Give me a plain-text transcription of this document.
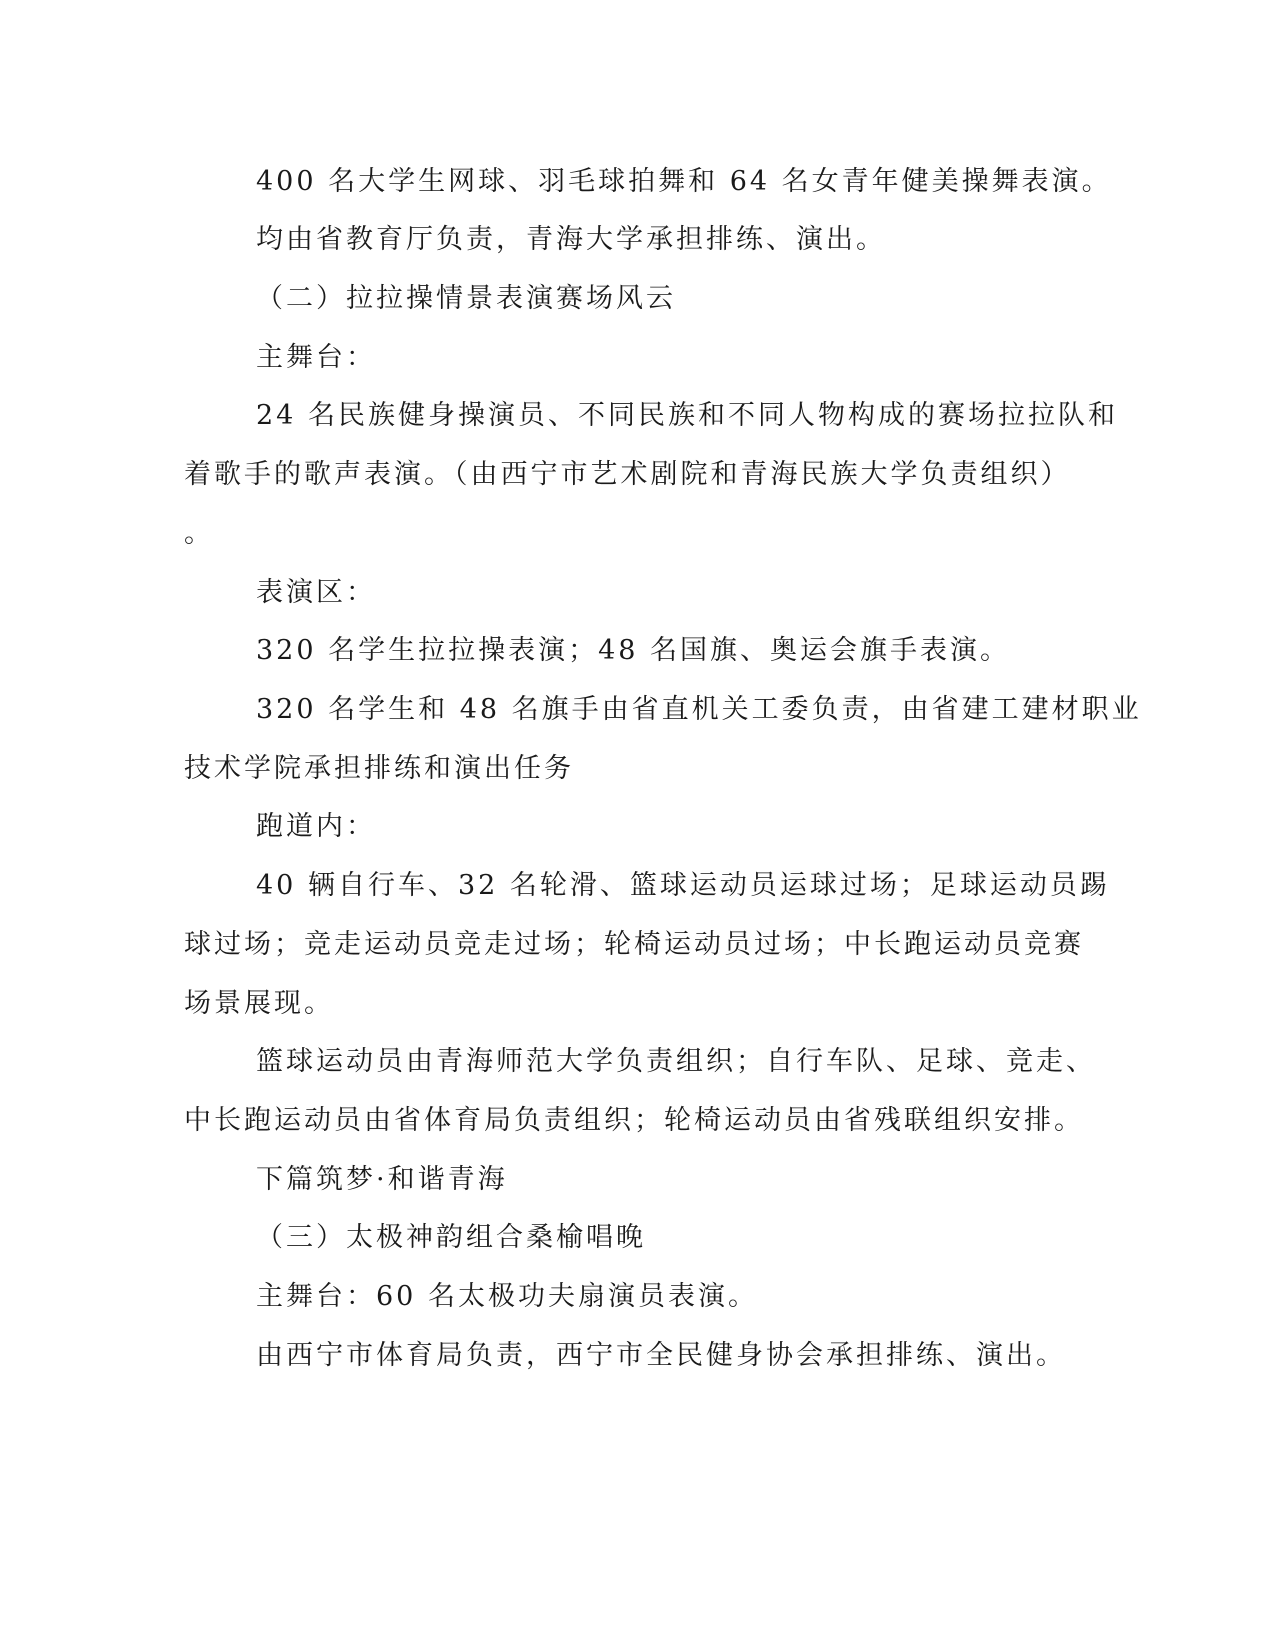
400 名大学生网球、羽毛球拍舞和 64 名女青年健美操舞表演。
均由省教育厅负责，青海大学承担排练、演出。
（二）拉拉操情景表演赛场风云
主舞台：
24 名民族健身操演员、不同民族和不同人物构成的赛场拉拉队和
着歌手的歌声表演。（由西宁市艺术剧院和青海民族大学负责组织）
。
表演区：
320 名学生拉拉操表演；48 名国旗、奥运会旗手表演。
320 名学生和 48 名旗手由省直机关工委负责，由省建工建材职业
技术学院承担排练和演出任务
跑道内：
40 辆自行车、32 名轮滑、篮球运动员运球过场；足球运动员踢
球过场；竞走运动员竞走过场；轮椅运动员过场；中长跑运动员竞赛
场景展现。
篮球运动员由青海师范大学负责组织；自行车队、足球、竞走、
中长跑运动员由省体育局负责组织；轮椅运动员由省残联组织安排。
下篇筑梦·和谐青海
（三）太极神韵组合桑榆唱晚
主舞台：60 名太极功夫扇演员表演。
由西宁市体育局负责，西宁市全民健身协会承担排练、演出。
